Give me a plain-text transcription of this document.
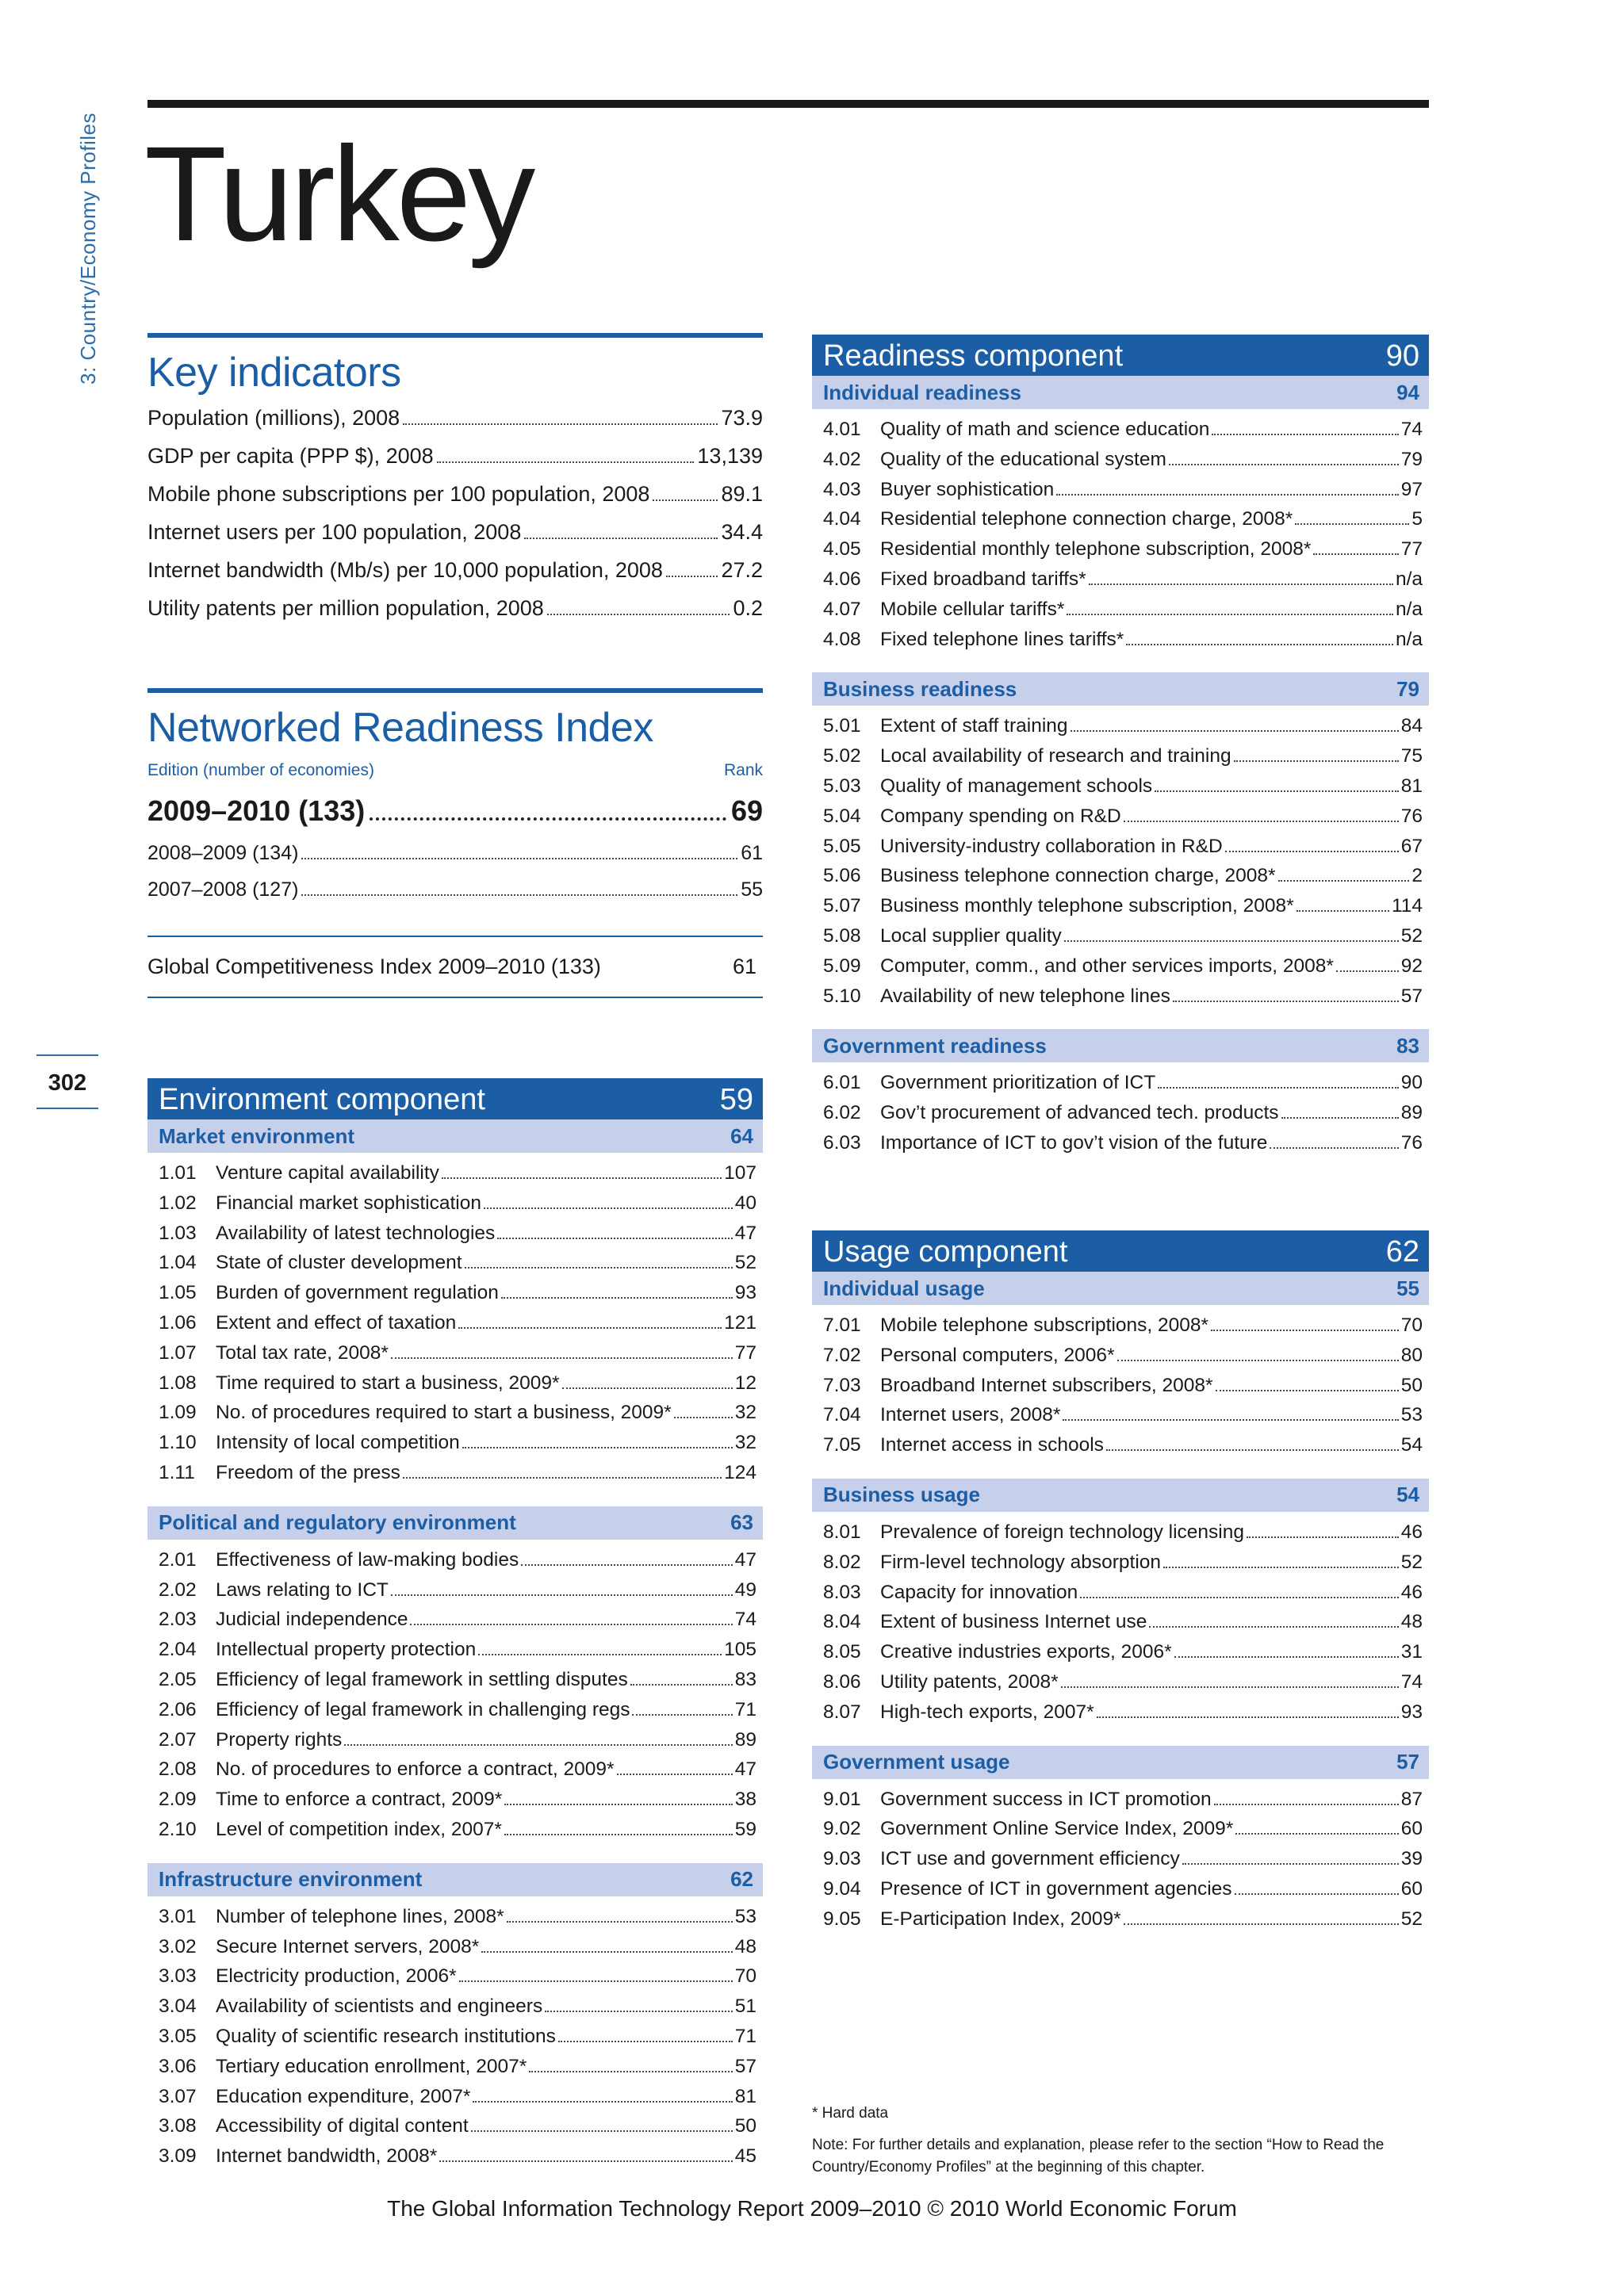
3: Country/Economy Profiles
302
Turkey
Key indicators
Population (millions), 2008	73.9
GDP per capita (PPP $), 2008	13,139
Mobile phone subscriptions per 100 population, 2008	89.1
Internet users per 100 population, 2008	34.4
Internet bandwidth (Mb/s) per 10,000 population, 2008	27.2
Utility patents per million population, 2008	0.2
Networked Readiness Index
Edition (number of economies)	Rank
2009–2010 (133)	69
2008–2009 (134)	61
2007–2008 (127)	55
Global Competitiveness Index 2009–2010 (133)	61
Environment component	59
Market environment	64
1.01 Venture capital availability	107
1.02 Financial market sophistication	40
1.03 Availability of latest technologies	47
1.04 State of cluster development	52
1.05 Burden of government regulation	93
1.06 Extent and effect of taxation	121
1.07 Total tax rate, 2008*	77
1.08 Time required to start a business, 2009*	12
1.09 No. of procedures required to start a business, 2009*	32
1.10 Intensity of local competition	32
1.11	Freedom of the press	124
Political and regulatory environment	63
2.01 Effectiveness of law-making bodies	47
2.02 Laws relating to ICT	49
2.03 Judicial independence	74
2.04 Intellectual property protection	105
2.05 Efficiency of legal framework in settling disputes	83
2.06 Efficiency of legal framework in challenging regs	71
2.07 Property rights	89
2.08 No. of procedures to enforce a contract, 2009*	47
2.09 Time to enforce a contract, 2009*	38
2.10 Level of competition index, 2007*	59
Infrastructure environment	62
3.01 Number of telephone lines, 2008*	53
3.02 Secure Internet servers, 2008*	48
3.03 Electricity production, 2006*	70
3.04 Availability of scientists and engineers	51
3.05 Quality of scientific research institutions	71
3.06 Tertiary education enrollment, 2007*	57
3.07 Education expenditure, 2007*	81
3.08 Accessibility of digital content	50
3.09 Internet bandwidth, 2008*	45
Readiness component	90
Individual readiness	94
4.01 Quality of math and science education	74
4.02 Quality of the educational system	79
4.03 Buyer sophistication	97
4.04 Residential telephone connection charge, 2008*	5
4.05 Residential monthly telephone subscription, 2008*	77
4.06 Fixed broadband tariffs*	n/a
4.07 Mobile cellular tariffs*	n/a
4.08 Fixed telephone lines tariffs*	n/a
Business readiness	79
5.01 Extent of staff training	84
5.02 Local availability of research and training	75
5.03 Quality of management schools	81
5.04 Company spending on R&D	76
5.05 University-industry collaboration in R&D	67
5.06 Business telephone connection charge, 2008*	2
5.07 Business monthly telephone subscription, 2008*	114
5.08 Local supplier quality	52
5.09 Computer, comm., and other services imports, 2008*	92
5.10 Availability of new telephone lines	57
Government readiness	83
6.01 Government prioritization of ICT	90
6.02 Gov’t procurement of advanced tech. products	89
6.03 Importance of ICT to gov’t vision of the future	76
Usage component	62
Individual usage	55
7.01 Mobile telephone subscriptions, 2008*	70
7.02 Personal computers, 2006*	80
7.03 Broadband Internet subscribers, 2008*	50
7.04 Internet users, 2008*	53
7.05 Internet access in schools	54
Business usage	54
8.01 Prevalence of foreign technology licensing	46
8.02 Firm-level technology absorption	52
8.03 Capacity for innovation	46
8.04 Extent of business Internet use	48
8.05 Creative industries exports, 2006*	31
8.06 Utility patents, 2008*	74
8.07 High-tech exports, 2007*	93
Government usage	57
9.01 Government success in ICT promotion	87
9.02 Government Online Service Index, 2009*	60
9.03 ICT use and government efficiency	39
9.04 Presence of ICT in government agencies	60
9.05 E-Participation Index, 2009*	52
* Hard data
Note: For further details and explanation, please refer to the section “How to Read the Country/Economy Profiles” at the beginning of this chapter.
The Global Information Technology Report 2009–2010 © 2010 World Economic Forum
